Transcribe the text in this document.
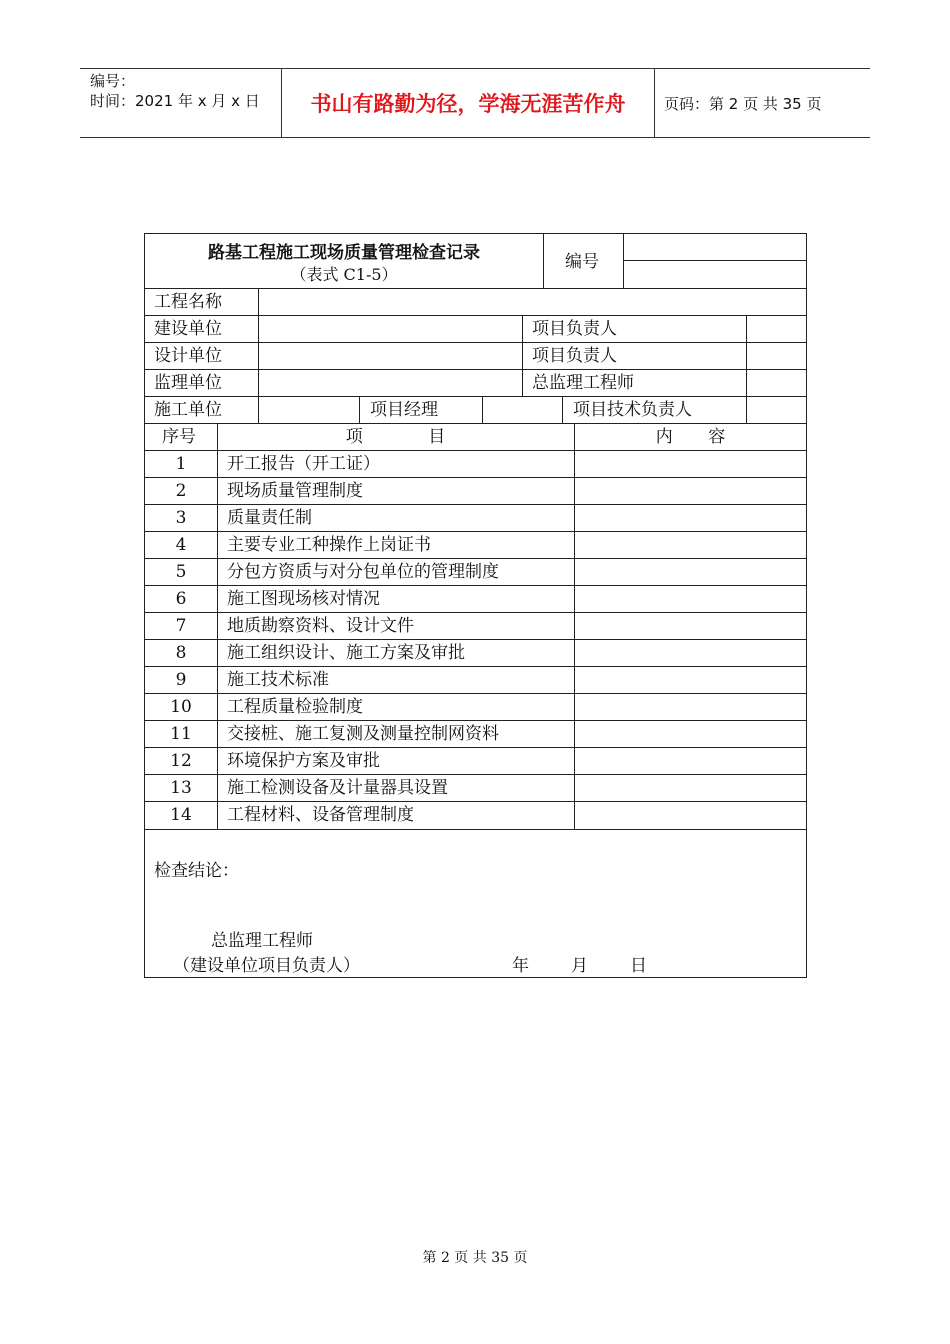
编号：
时间：2021 年 x 月 x 日	书山有路勤为径，学海无涯苦作舟	页码：第 2 页 共 35 页
路基工程施工现场质量管理检查记录
（表式 C1-5）
编号
工程名称
建设单位	项目负责人
设计单位	项目负责人
监理单位	总监理工程师
施工单位	项目经理	项目技术负责人
序号	项 目	内 容
1	开工报告（开工证）
2	现场质量管理制度
3	质量责任制
4	主要专业工种操作上岗证书
5	分包方资质与对分包单位的管理制度
6	施工图现场核对情况
7	地质勘察资料、设计文件
8	施工组织设计、施工方案及审批
9	施工技术标准
10	工程质量检验制度
11	交接桩、施工复测及测量控制网资料
12	环境保护方案及审批
13	施工检测设备及计量器具设置
14	工程材料、设备管理制度
检查结论：
总监理工程师
（建设单位项目负责人）	年 月 日
第 2 页 共 35 页
